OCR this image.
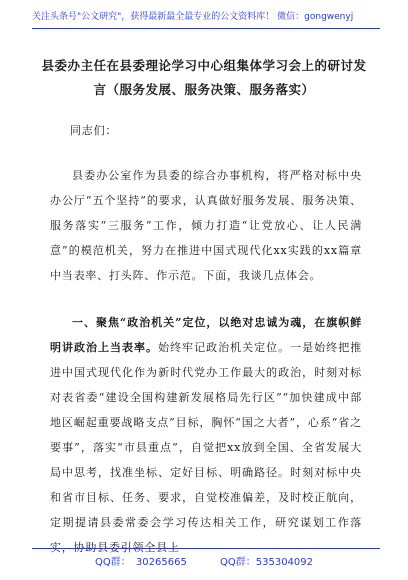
关注头条号"公文研究"，获得最新最全最专业的公文资料库！ 微信：gongwenyj
县委办主任在县委理论学习中心组集体学习会上的研讨发
言（服务发展、服务决策、服务落实）

同志们：

县委办公室作为县委的综合办事机构，将严格对标中央办公厅“五个坚持”的要求，认真做好服务发展、服务决策、服务落实“三服务”工作，倾力打造“让党放心、让人民满意”的模范机关，努力在推进中国式现代化xx实践的xx篇章中当表率、打头阵、作示范。下面，我谈几点体会。

一、聚焦“政治机关”定位，以绝对忠诚为魂，在旗帜鲜明讲政治上当表率。始终牢记政治机关定位。一是始终把推进中国式现代化作为新时代党办工作最大的政治，时刻对标对表省委“建设全国构建新发展格局先行区”“加快建成中部地区崛起重要战略支点”目标，胸怀“国之大者”，心系“省之要事”，落实“市县重点”，自觉把xx放到全国、全省发展大局中思考，找准坐标、定好目标、明确路径。时刻对标中央和省市目标、任务、要求，自觉校准偏差，及时校正航向，定期提请县委常委会学习传达相关工作，研究谋划工作落实，协助县委引领全县上

QQ群： 30265665	QQ群：535304092
